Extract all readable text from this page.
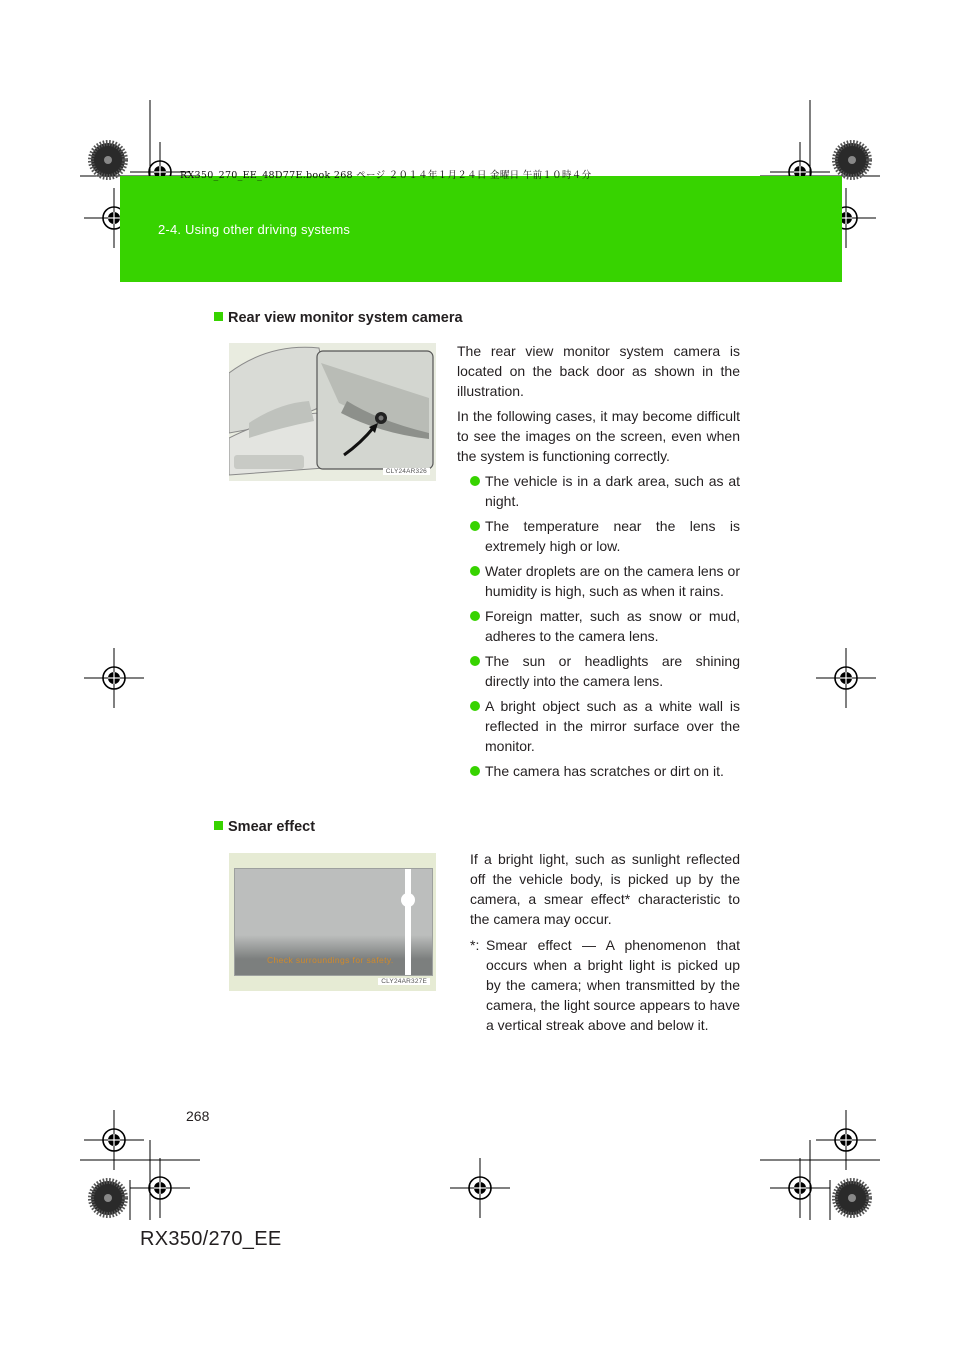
RX350_270_EE_48D77E.book 268 ページ ２０１４年１月２４日 金曜日 午前１０時４分
2-4. Using other driving systems
Rear view monitor system camera
CLY24AR326

The rear view monitor system camera is located on the back door as shown in the illustration.

In the following cases, it may become difficult to see the images on the screen, even when the system is functioning correctly.

The vehicle is in a dark area, such as at night.
The temperature near the lens is extremely high or low.
Water droplets are on the camera lens or humidity is high, such as when it rains.
Foreign matter, such as snow or mud, adheres to the camera lens.
The sun or headlights are shining directly into the camera lens.
A bright object such as a white wall is reflected in the mirror surface over the monitor.
The camera has scratches or dirt on it.
Smear effect
Check surroundings for safety.
CLY24AR327E

If a bright light, such as sunlight reflected off the vehicle body, is picked up by the camera, a smear effect* characteristic to the camera may occur.

*: Smear effect — A phenomenon that occurs when a bright light is picked up by the camera; when transmitted by the camera, the light source appears to have a vertical streak above and below it.
268
RX350/270_EE
